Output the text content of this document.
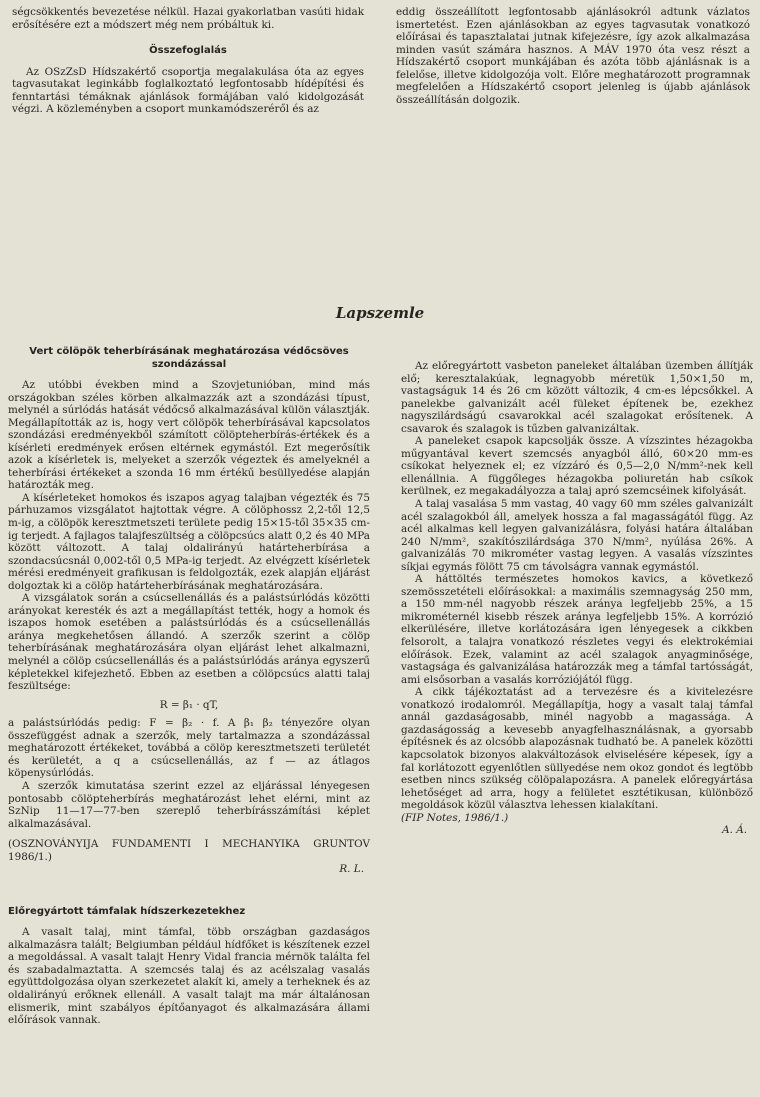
ségcsökkentés bevezetése nélkül. Hazai gyakorlatban vasúti hidak erősítésére ezt a módszert még nem próbáltuk ki.

Összefoglalás

Az OSzZsD Hídszakértő csoportja megalakulása óta az egyes tagvasutakat leginkább foglalkoztató legfontosabb hídépítési és fenntartási témáknak ajánlások formájában való kidolgozását végzi. A közleményben a csoport munkamódszeréről és az

eddig összeállított legfontosabb ajánlásokról adtunk vázlatos ismertetést. Ezen ajánlásokban az egyes tagvasutak vonatkozó előírásai és tapasztalatai jutnak kifejezésre, így azok alkalmazása minden vasút számára hasznos. A MÁV 1970 óta vesz részt a Hídszakértő csoport munkájában és azóta több ajánlásnak is a felelőse, illetve kidolgozója volt. Előre meghatározott programnak megfelelően a Hídszakértő csoport jelenleg is újabb ajánlások összeállításán dolgozik.

Lapszemle
Vert cölöpök teherbírásának meghatározása védőcsöves szondázással

Az utóbbi években mind a Szovjetunióban, mind más országokban széles körben alkalmazzák azt a szondázási típust, melynél a súrlódás hatását védőcső alkalmazásával külön választják. Megállapították az is, hogy vert cölöpök teherbírásával kapcsolatos szondázási eredményekből számított cölöpteherbírás-értékek és a kísérleti eredmények erősen eltérnek egymástól. Ezt megerősítik azok a kísérletek is, melyeket a szerzők végeztek és amelyeknél a teherbírási értékeket a szonda 16 mm értékű besüllyedése alapján határozták meg.

A kísérleteket homokos és iszapos agyag talajban végezték és 75 párhuzamos vizsgálatot hajtottak végre. A cölöphossz 2,2-től 12,5 m-ig, a cölöpök keresztmetszeti területe pedig 15×15-től 35×35 cm-ig terjedt. A fajlagos talajfeszültség a cölöpcsúcs alatt 0,2 és 40 MPa között változott. A talaj oldalirányú határteherbírása a szondacsúcsnál 0,002-től 0,5 MPa-ig terjedt. Az elvégzett kísérletek mérési eredményeit grafikusan is feldolgozták, ezek alapján eljárást dolgoztak ki a cölöp határteherbírásának meghatározására.

A vizsgálatok során a csúcsellenállás és a palástsúrlódás közötti arányokat keresték és azt a megállapítást tették, hogy a homok és iszapos homok esetében a palástsúrlódás és a csúcsellenállás aránya megkehetősen állandó. A szerzők szerint a cölöp teherbírásának meghatározására olyan eljárást lehet alkalmazni, melynél a cölöp csúcsellenállás és a palástsúrlódás aránya egyszerű képletekkel kifejezhető. Ebben az esetben a cölöpcsúcs alatti talaj feszültsége:

R = β₁ · qT,

a palástsúrlódás pedig: F = β₂ · f. A β₁ β₂ tényezőre olyan összefüggést adnak a szerzők, mely tartalmazza a szondázással meghatározott értékeket, továbbá a cölöp keresztmetszeti területét és kerületét, a q a csúcsellenállás, az f — az átlagos köpenysúrlódás.

A szerzők kimutatása szerint ezzel az eljárással lényegesen pontosabb cölöpteherbírás meghatározást lehet elérni, mint az SzNip 11—17—77-ben szereplő teherbírásszámítási képlet alkalmazásával.

(OSZNOVÁNYIJA FUNDAMENTI I MECHANYIKA GRUNTOV 1986/1.)

R. L.
Előregyártott támfalak hídszerkezetekhez

A vasalt talaj, mint támfal, több országban gazdaságos alkalmazásra talált; Belgiumban például hídfőket is készítenek ezzel a megoldással. A vasalt talajt Henry Vidal francia mérnök találta fel és szabadalmaztatta. A szemcsés talaj és az acélszalag vasalás együttdolgozása olyan szerkezetet alakít ki, amely a terheknek és az oldalirányú erőknek ellenáll. A vasalt talajt ma már általánosan elismerik, mint szabályos építőanyagot és alkalmazására állami előírások vannak.

Az előregyártott vasbeton paneleket általában üzemben állítják elő; keresztalakúak, legnagyobb méretük 1,50×1,50 m, vastagságuk 14 és 26 cm között változik, 4 cm-es lépcsőkkel. A panelekbe galvanizált acél füleket építenek be, ezekhez nagyszilárdságú csavarokkal acél szalagokat erősítenek. A csavarok és szalagok is tűzben galvanizáltak.

A paneleket csapok kapcsolják össze. A vízszintes hézagokba műgyantával kevert szemcsés anyagból álló, 60×20 mm-es csíkokat helyeznek el; ez vízzáró és 0,5—2,0 N/mm²-nek kell ellenállnia. A függőleges hézagokba poliuretán hab csíkok kerülnek, ez megakadályozza a talaj apró szemcséinek kifolyását.

A talaj vasalása 5 mm vastag, 40 vagy 60 mm széles galvanizált acél szalagokból áll, amelyek hossza a fal magasságától függ. Az acél alkalmas kell legyen galvanizálásra, folyási határa általában 240 N/mm², szakítószilárdsága 370 N/mm², nyúlása 26%. A galvanizálás 70 mikrométer vastag legyen. A vasalás vízszintes síkjai egymás fölött 75 cm távolságra vannak egymástól.

A háttöltés természetes homokos kavics, a következő szemösszetételi előírásokkal: a maximális szemnagyság 250 mm, a 150 mm-nél nagyobb részek aránya legfeljebb 25%, a 15 mikrométernél kisebb részek aránya legfeljebb 15%. A korrózió elkerülésére, illetve korlátozására igen lényegesek a cikkben felsorolt, a talajra vonatkozó részletes vegyi és elektrokémiai előírások. Ezek, valamint az acél szalagok anyagminősége, vastagsága és galvanizálása határozzák meg a támfal tartósságát, ami elsősorban a vasalás korróziójától függ.

A cikk tájékoztatást ad a tervezésre és a kivitelezésre vonatkozó irodalomról. Megállapítja, hogy a vasalt talaj támfal annál gazdaságosabb, minél nagyobb a magassága. A gazdaságosság a kevesebb anyagfelhasználásnak, a gyorsabb építésnek és az olcsóbb alapozásnak tudható be. A panelek közötti kapcsolatok bizonyos alakváltozások elviselésére képesek, így a fal korlátozott egyenlőtlen süllyedése nem okoz gondot és legtöbb esetben nincs szükség cölöpalapozásra. A panelek előregyártása lehetőséget ad arra, hogy a felületet esztétikusan, különböző megoldások közül választva lehessen kialakítani.

(FIP Notes, 1986/1.)

A. Á.
